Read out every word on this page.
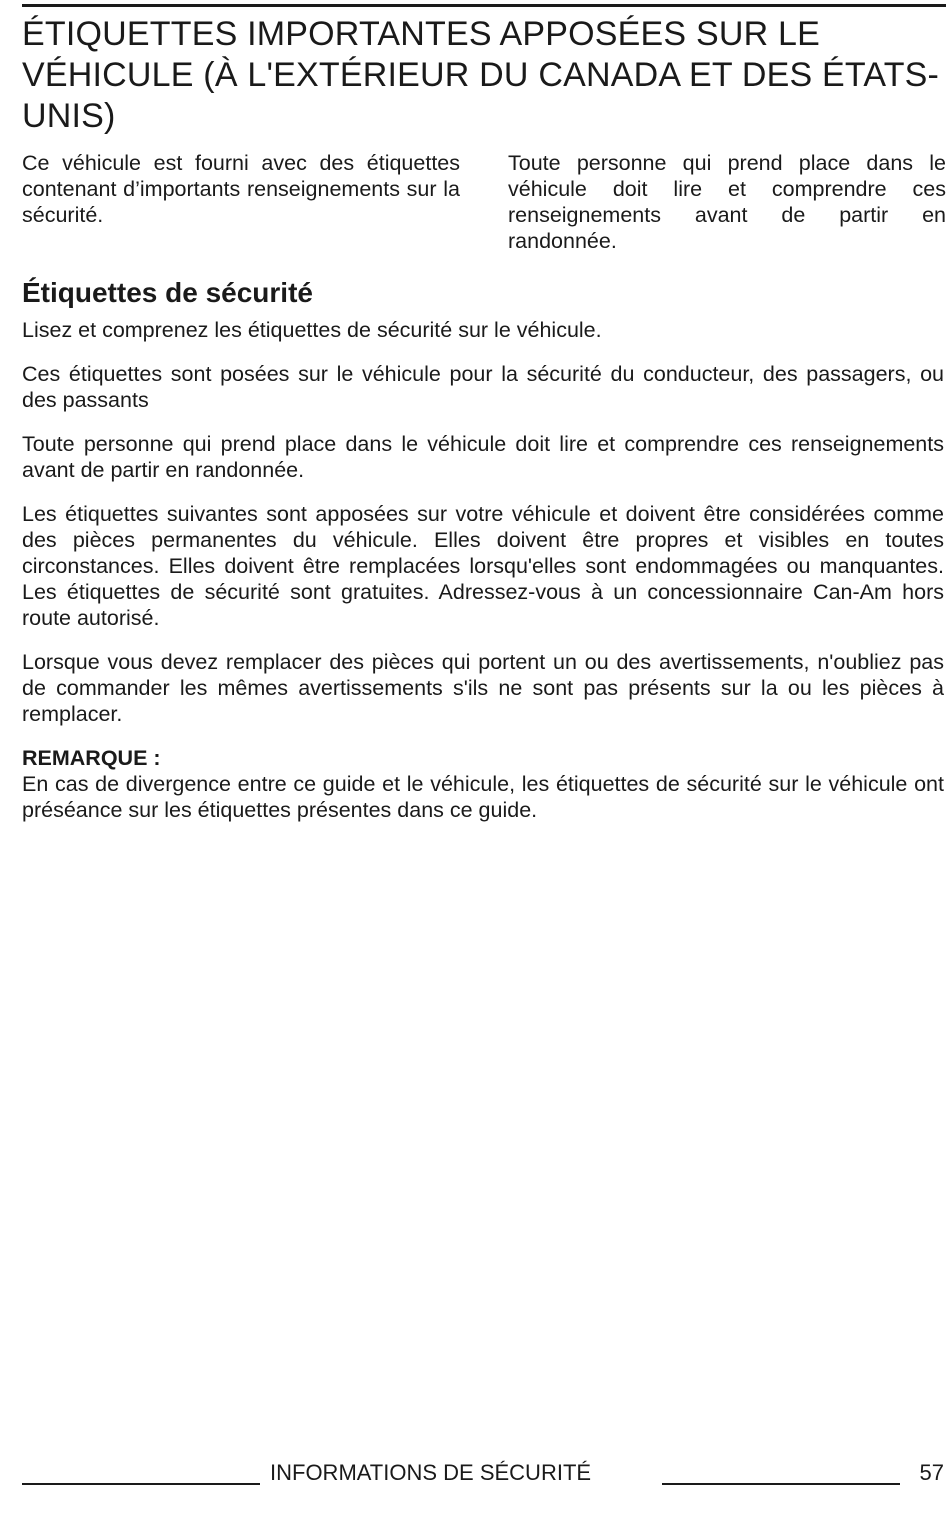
ÉTIQUETTES IMPORTANTES APPOSÉES SUR LE VÉHICULE (À L'EXTÉRIEUR DU CANADA ET DES ÉTATS-UNIS)

Ce véhicule est fourni avec des étiquettes contenant d’importants renseignements sur la sécurité.

Toute personne qui prend place dans le véhicule doit lire et comprendre ces renseignements avant de partir en randonnée.

Étiquettes de sécurité

Lisez et comprenez les étiquettes de sécurité sur le véhicule.

Ces étiquettes sont posées sur le véhicule pour la sécurité du conducteur, des passagers, ou des passants

Toute personne qui prend place dans le véhicule doit lire et comprendre ces renseignements avant de partir en randonnée.

Les étiquettes suivantes sont apposées sur votre véhicule et doivent être considérées comme des pièces permanentes du véhicule. Elles doivent être propres et visibles en toutes circonstances. Elles doivent être remplacées lorsqu'elles sont endommagées ou manquantes. Les étiquettes de sécurité sont gratuites. Adressez-vous à un concessionnaire Can-Am hors route autorisé.

Lorsque vous devez remplacer des pièces qui portent un ou des avertissements, n'oubliez pas de commander les mêmes avertissements s'ils ne sont pas présents sur la ou les pièces à remplacer.

REMARQUE :

En cas de divergence entre ce guide et le véhicule, les étiquettes de sécurité sur le véhicule ont préséance sur les étiquettes présentes dans ce guide.

INFORMATIONS DE SÉCURITÉ	57
